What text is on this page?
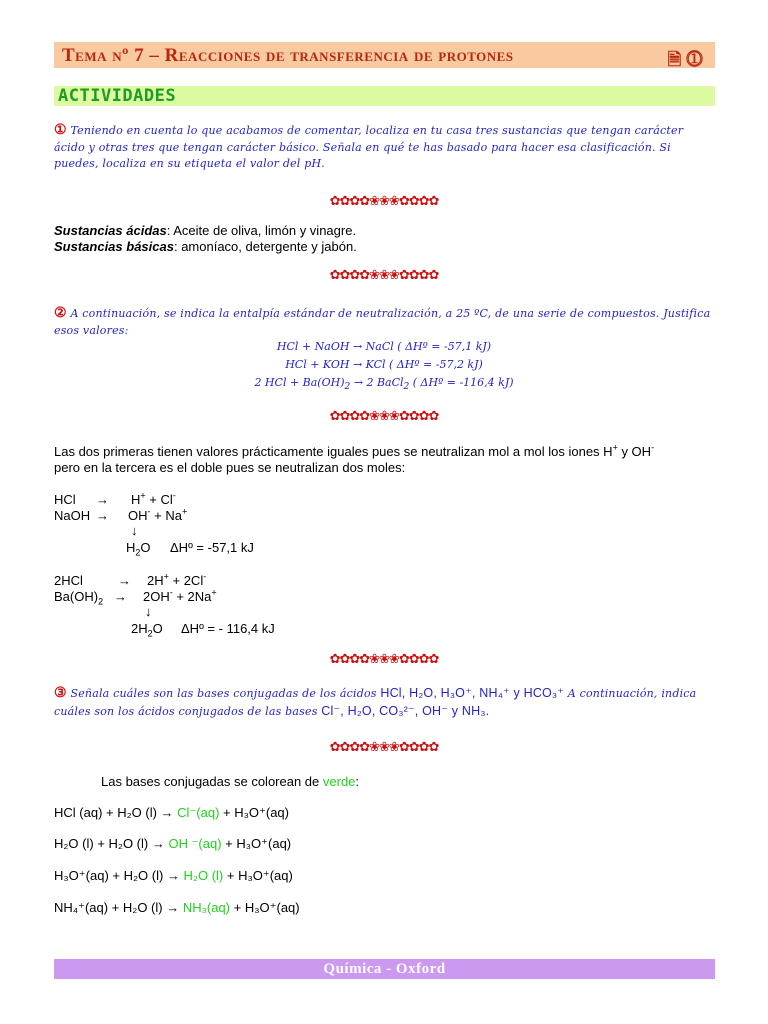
Tema nº 7 – Reacciones de transferencia de protones	🗎 ⓵
ACTIVIDADES
① Teniendo en cuenta lo que acabamos de comentar, localiza en tu casa tres sustancias que tengan carácter ácido y otras tres que tengan carácter básico. Señala en qué te has basado para hacer esa clasificación. Si puedes, localiza en su etiqueta el valor del pH.
✿✿✿✿❀❀❀✿✿✿✿
Sustancias ácidas: Aceite de oliva, limón y vinagre.
Sustancias básicas: amoníaco, detergente y jabón.
✿✿✿✿❀❀❀✿✿✿✿
② A continuación, se indica la entalpía estándar de neutralización, a 25 ºC, de una serie de compuestos. Justifica esos valores:
HCl + NaOH → NaCl ( ΔHº = -57,1 kJ)
HCl + KOH → KCl ( ΔHº = -57,2 kJ)
2 HCl + $Ba(OH)_2 \to 2$ BaCl$_2$ ( ΔHº = -116,4 kJ)
✿✿✿✿❀❀❀✿✿✿✿
Las dos primeras tienen valores prácticamente iguales pues se neutralizan mol a mol los iones H+ y OH-
pero en la tercera es el doble pues se neutralizan dos moles:
HCl → H+ + Cl-
NaOH → OH- + Na+
↓
$H_2O$ ΔHº = -57,1 kJ
2HCl	→ 2H+ + 2Cl-
$Ba(OH)_2 \to 2OH^- + 2Na^+$
↓
$2H_2O$ ΔHº = - 116,4 kJ
✿✿✿✿❀❀❀✿✿✿✿
③ Señala cuáles son las bases conjugadas de los ácidos HCl, H₂O, H₃O⁺, NH₄⁺ y HCO₃⁺ A continuación, indica cuáles son los ácidos conjugados de las bases Cl⁻, H₂O, CO₃²⁻, OH⁻ y NH₃.
✿✿✿✿❀❀❀✿✿✿✿
Las bases conjugadas se colorean de verde:
HCl (aq) + H₂O (l) → Cl⁻(aq) + H₃O⁺(aq)
H₂O (l) + H₂O (l) → OH ⁻(aq) + H₃O⁺(aq)
H₃O⁺(aq) + H₂O (l) → H₂O (l) + H₃O⁺(aq)
NH₄⁺(aq) + H₂O (l) → NH₃(aq) + H₃O⁺(aq)
Química - Oxford
